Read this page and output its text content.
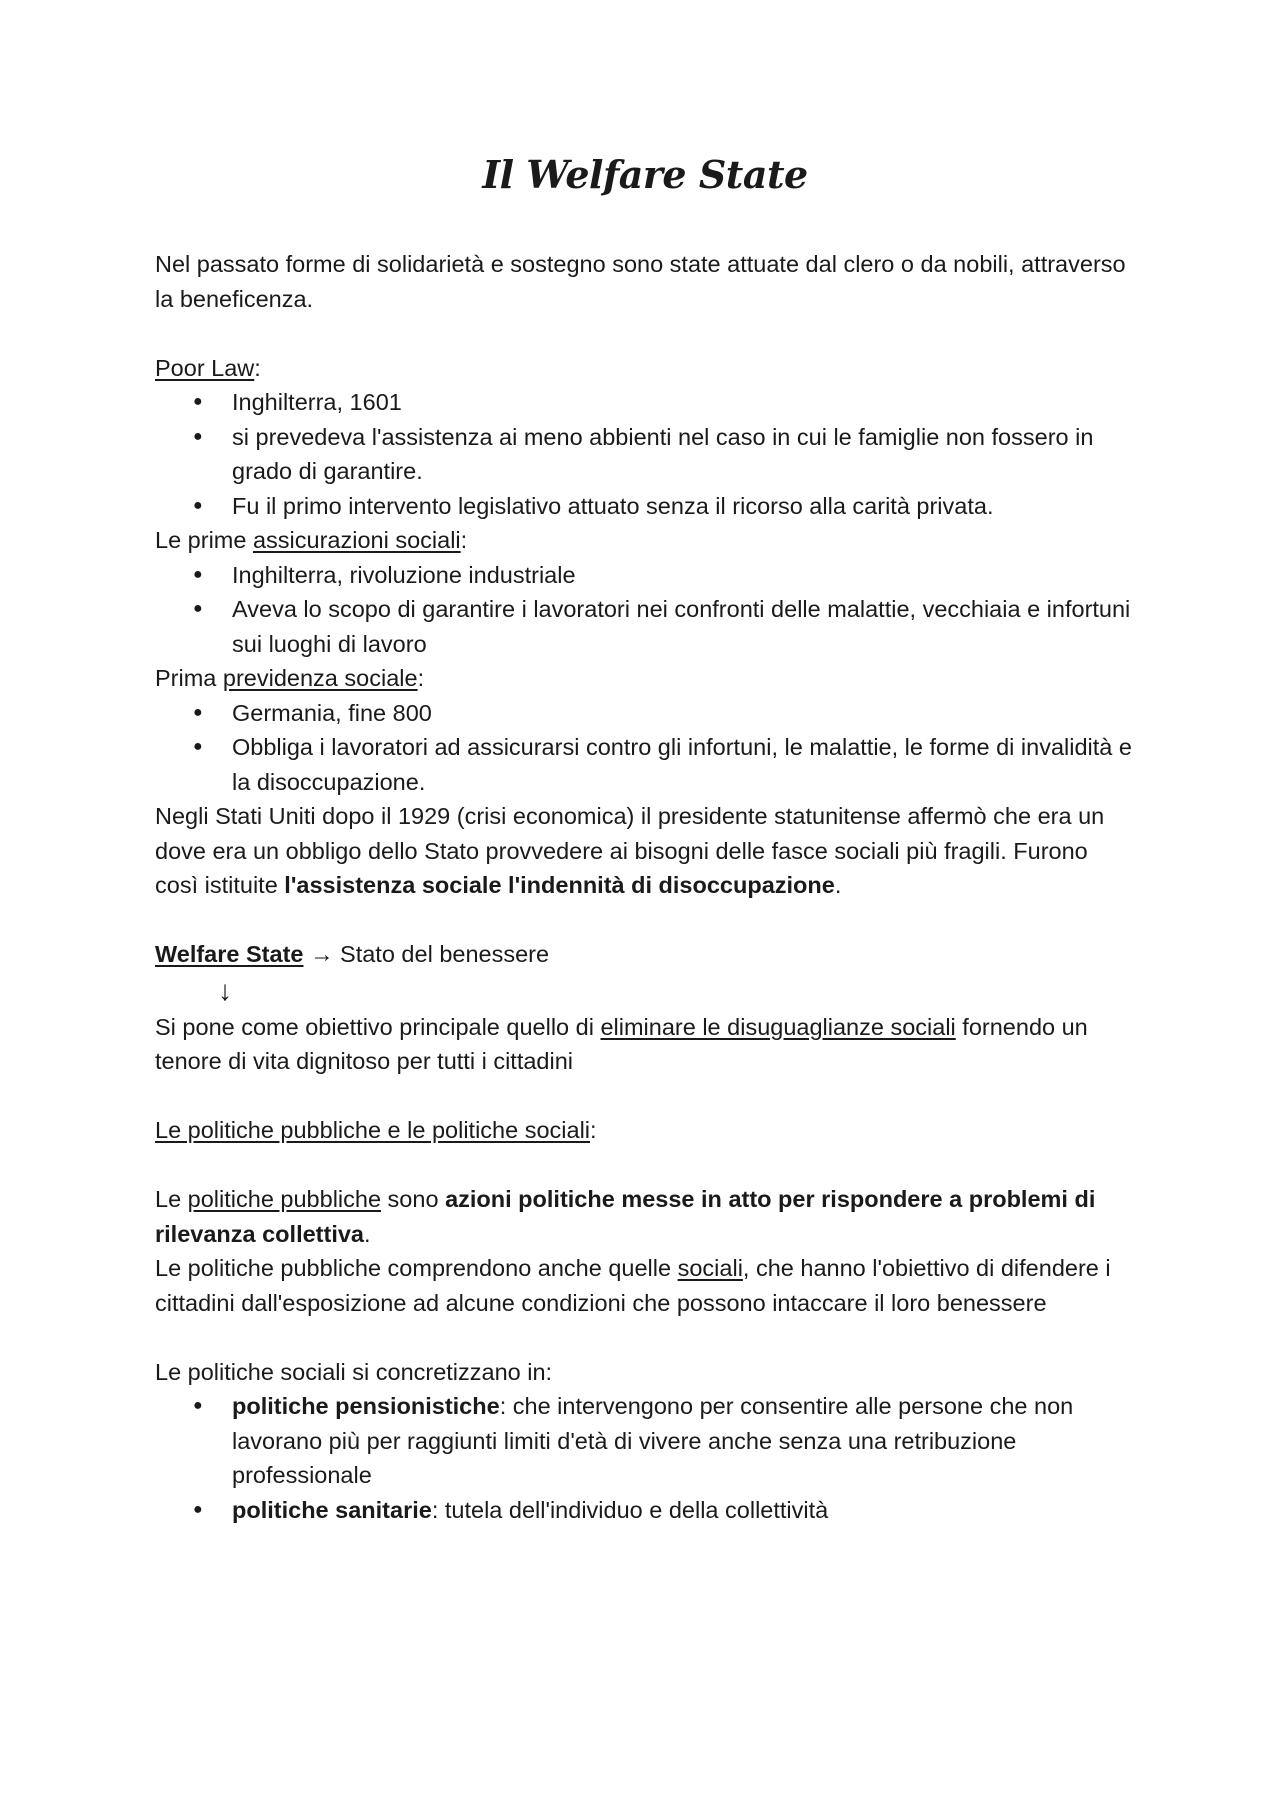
Il Welfare State

Nel passato forme di solidarietà e sostegno sono state attuate dal clero o da nobili, attraverso la beneficenza.

Poor Law:

● Inghilterra, 1601
● si prevedeva l'assistenza ai meno abbienti nel caso in cui le famiglie non fossero in grado di garantire.
● Fu il primo intervento legislativo attuato senza il ricorso alla carità privata.

Le prime assicurazioni sociali:

● Inghilterra, rivoluzione industriale
● Aveva lo scopo di garantire i lavoratori nei confronti delle malattie, vecchiaia e infortuni sui luoghi di lavoro

Prima previdenza sociale:

● Germania, fine 800
● Obbliga i lavoratori ad assicurarsi contro gli infortuni, le malattie, le forme di invalidità e la disoccupazione.

Negli Stati Uniti dopo il 1929 (crisi economica) il presidente statunitense affermò che era un dove era un obbligo dello Stato provvedere ai bisogni delle fasce sociali più fragili. Furono così istituite l'assistenza sociale l'indennità di disoccupazione.

Welfare State → Stato del benessere

↓

Si pone come obiettivo principale quello di eliminare le disuguaglianze sociali fornendo un tenore di vita dignitoso per tutti i cittadini

Le politiche pubbliche e le politiche sociali:

Le politiche pubbliche sono azioni politiche messe in atto per rispondere a problemi di rilevanza collettiva.

Le politiche pubbliche comprendono anche quelle sociali, che hanno l'obiettivo di difendere i cittadini dall'esposizione ad alcune condizioni che possono intaccare il loro benessere

Le politiche sociali si concretizzano in:

● politiche pensionistiche: che intervengono per consentire alle persone che non lavorano più per raggiunti limiti d'età di vivere anche senza una retribuzione professionale
● politiche sanitarie: tutela dell'individuo e della collettività
